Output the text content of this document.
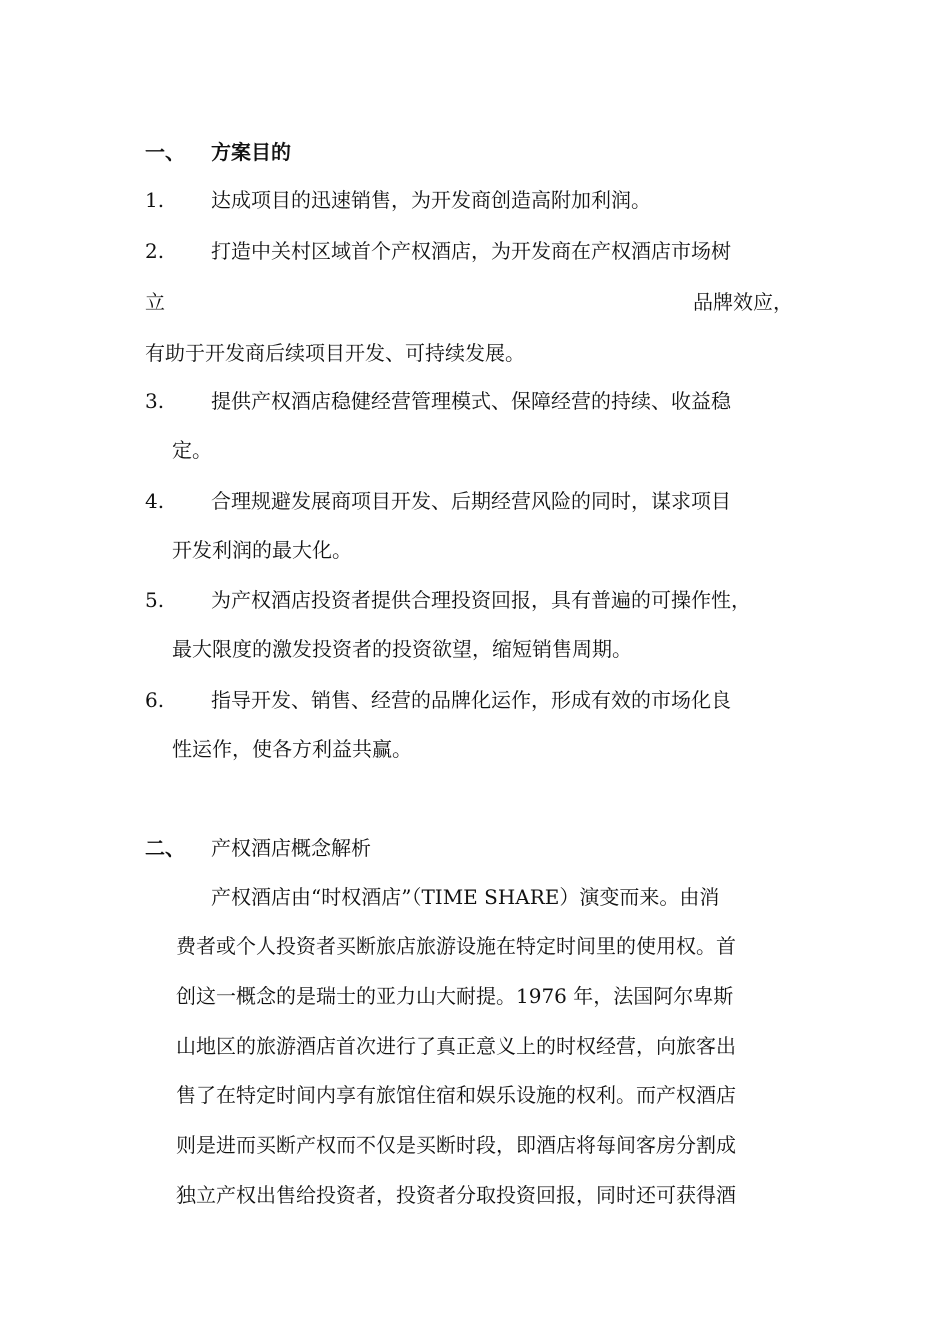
一、 方案目的
1. 达成项目的迅速销售，为开发商创造高附加利润。
2. 打造中关村区域首个产权酒店，为开发商在产权酒店市场树
立	品牌效应，
有助于开发商后续项目开发、可持续发展。
3. 提供产权酒店稳健经营管理模式、保障经营的持续、收益稳
定。
4. 合理规避发展商项目开发、后期经营风险的同时，谋求项目
开发利润的最大化。
5. 为产权酒店投资者提供合理投资回报，具有普遍的可操作性，
最大限度的激发投资者的投资欲望，缩短销售周期。
6. 指导开发、销售、经营的品牌化运作，形成有效的市场化良
性运作，使各方利益共赢。
二、 产权酒店概念解析
产权酒店由“时权酒店”（TIME SHARE）演变而来。由消
费者或个人投资者买断旅店旅游设施在特定时间里的使用权。首
创这一概念的是瑞士的亚力山大耐提。1976 年，法国阿尔卑斯
山地区的旅游酒店首次进行了真正意义上的时权经营，向旅客出
售了在特定时间内享有旅馆住宿和娱乐设施的权利。而产权酒店
则是进而买断产权而不仅是买断时段，即酒店将每间客房分割成
独立产权出售给投资者，投资者分取投资回报，同时还可获得酒
